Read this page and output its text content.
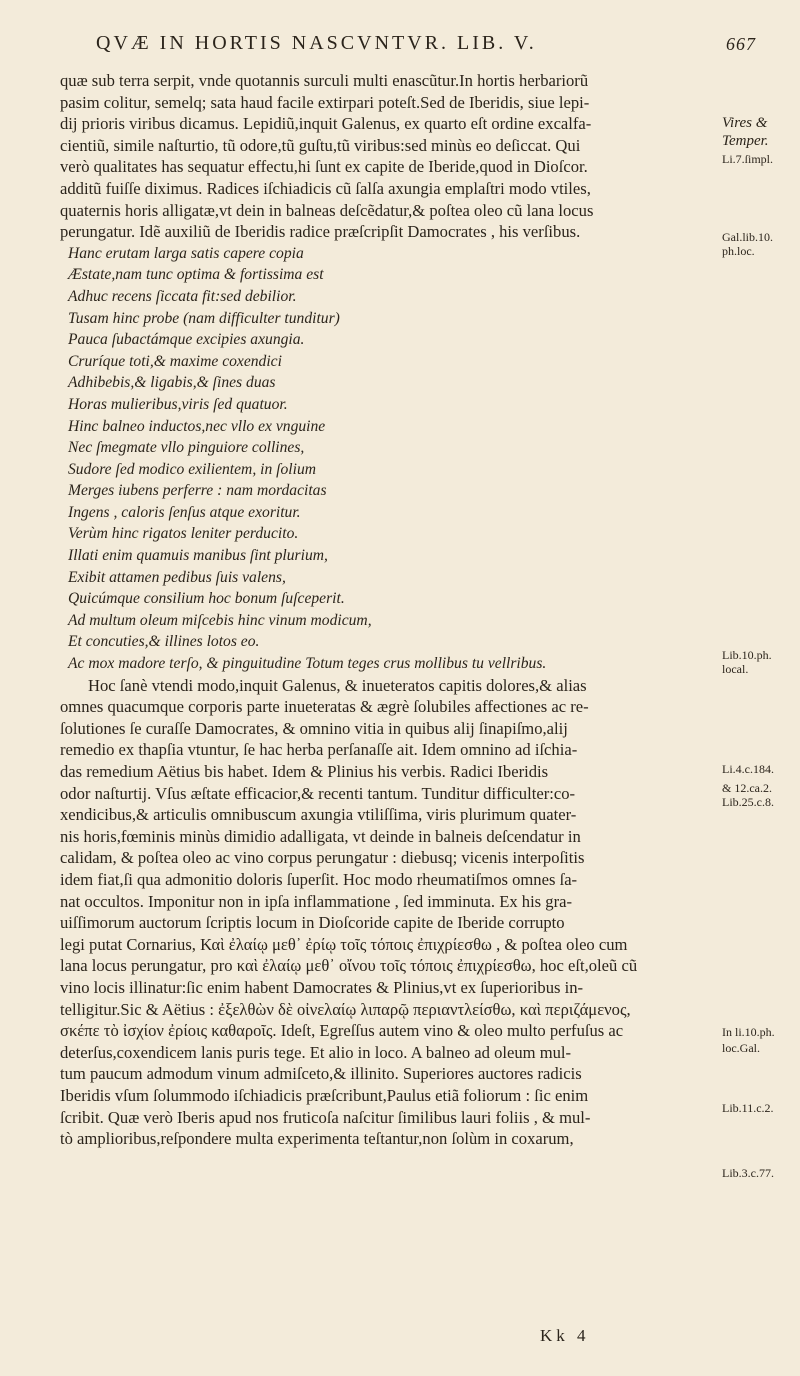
QVÆ IN HORTIS NASCVNTVR. LIB. V.	667
quæ sub terra serpit, vnde quotannis surculi multi enascũtur.In hortis herbariorũ
pasim colitur, semelq; sata haud facile extirpari poteſt.Sed de Iberidis, siue lepi-
dij prioris viribus dicamus. Lepidiũ,inquit Galenus, ex quarto eſt ordine excalfa-
cientiũ, simile naſturtio, tũ odore,tũ guſtu,tũ viribus:sed minùs eo deſiccat. Qui
verò qualitates has sequatur effectu,hi ſunt ex capite de Iberide,quod in Dioſcor.
additũ fuiſſe diximus. Radices iſchiadicis cũ ſalſa axungia emplaſtri modo vtiles,
quaternis horis alligatæ,vt dein in balneas deſcẽdatur,& poſtea oleo cũ lana locus
perungatur. Idẽ auxiliũ de Iberidis radice præſcripſit Damocrates , his verſibus.
Hanc erutam larga satis capere copia
Æstate,nam tunc optima & fortissima est
Adhuc recens ſiccata fit:sed debilior.
Tusam hinc probe (nam difficulter tunditur)
Pauca ſubactámque excipies axungia.
Cruríque toti,& maxime coxendici
Adhibebis,& ligabis,& ſines duas
Horas mulieribus,viris ſed quatuor.
Hinc balneo inductos,nec vllo ex vnguine
Nec ſmegmate vllo pinguiore collines,
Sudore ſed modico exilientem, in ſolium
Merges iubens perferre : nam mordacitas
Ingens , caloris ſenſus atque exoritur.
Verùm hinc rigatos leniter perducito.
Illati enim quamuis manibus ſint plurium,
Exibit attamen pedibus ſuis valens,
Quicúmque consilium hoc bonum ſuſceperit.
Ad multum oleum miſcebis hinc vinum modicum,
Et concuties,& illines lotos eo.
Ac mox madore terſo, & pinguitudine Totum teges crus mollibus tu vellribus.
Hoc ſanè vtendi modo,inquit Galenus, & inueteratos capitis dolores,& alias
omnes quacumque corporis parte inueteratas & ægrè ſolubiles affectiones ac re-
ſolutiones ſe curaſſe Damocrates, & omnino vitia in quibus alij ſinapiſmo,alij
remedio ex thapſia vtuntur, ſe hac herba perſanaſſe ait. Idem omnino ad iſchia-
das remedium Aëtius bis habet. Idem & Plinius his verbis. Radici Iberidis
odor naſturtij. Vſus æſtate efficacior,& recenti tantum. Tunditur difficulter:co-
xendicibus,& articulis omnibuscum axungia vtiliſſima, viris plurimum quater-
nis horis,fœminis minùs dimidio adalligata, vt deinde in balneis deſcendatur in
calidam, & poſtea oleo ac vino corpus perungatur : diebusq; vicenis interpoſitis
idem fiat,ſi qua admonitio doloris ſuperſit. Hoc modo rheumatiſmos omnes ſa-
nat occultos. Imponitur non in ipſa inflammatione , ſed imminuta. Ex his gra-
uiſſimorum auctorum ſcriptis locum in Dioſcoride capite de Iberide corrupto
legi putat Cornarius, Καὶ ἐλαίῳ μεθ᾽ ἐρίῳ τοῖς τόποις ἐπιχρίεσθω , & poſtea oleo cum
lana locus perungatur, pro καὶ ἐλαίῳ μεθ᾽ οἴνου τοῖς τόποις ἐπιχρίεσθω, hoc eſt,oleũ cũ
vino locis illinatur:ſic enim habent Damocrates & Plinius,vt ex ſuperioribus in-
telligitur.Sic & Aëtius : ἐξελθὼν δὲ οἰνελαίῳ λιπαρῷ περιαντλείσθω, καὶ περιζάμενος,
σκέπε τὸ ἰσχίον ἐρίοις καθαροῖς. Ideſt, Egreſſus autem vino & oleo multo perfuſus ac
deterſus,coxendicem lanis puris tege. Et alio in loco. A balneo ad oleum mul-
tum paucum admodum vinum admiſceto,& illinito. Superiores auctores radicis
Iberidis vſum ſolummodo iſchiadicis præſcribunt,Paulus etiã foliorum : ſic enim
ſcribit. Quæ verò Iberis apud nos fruticoſa naſcitur ſimilibus lauri foliis , & mul-
tò amplioribus,reſpondere multa experimenta teſtantur,non ſolùm in coxarum,
Kk 4
Vires &
Temper.
Li.7.ſimpl.
Gal.lib.10.
ph.loc.
Lib.10.ph.
local.
Li.4.c.184.
& 12.ca.2.
Lib.25.c.8.
In li.10.ph.
loc.Gal.
Lib.11.c.2.
Lib.3.c.77.
